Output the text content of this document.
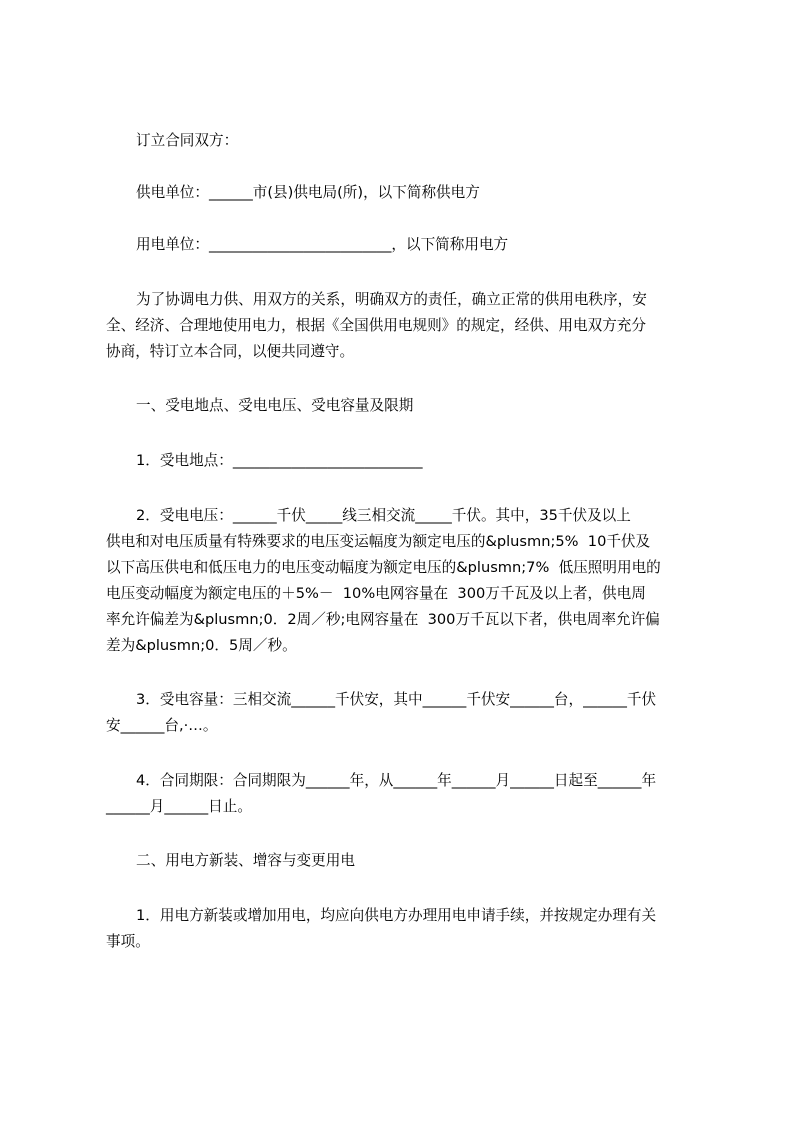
订立合同双方：

供电单位：______市(县)供电局(所)，以下简称供电方

用电单位：_________________________，以下简称用电方

为了协调电力供、用双方的关系，明确双方的责任，确立正常的供用电秩序，安
全、经济、合理地使用电力，根据《全国供用电规则》的规定，经供、用电双方充分
协商，特订立本合同，以便共同遵守。

一、受电地点、受电电压、受电容量及限期

1．受电地点：__________________________

2．受电电压：______千伏_____线三相交流_____千伏。其中，35千伏及以上
供电和对电压质量有特殊要求的电压变运幅度为额定电压的&plusmn;5%  10千伏及
以下高压供电和低压电力的电压变动幅度为额定电压的&plusmn;7%  低压照明用电的
电压变动幅度为额定电压的＋5%－  10%电网容量在  300万千瓦及以上者，供电周
率允许偏差为&plusmn;0．2周／秒;电网容量在  300万千瓦以下者，供电周率允许偏
差为&plusmn;0．5周／秒。
3．受电容量：三相交流______千伏安，其中______千伏安______台，______千伏
安______台,·…。
4．合同期限：合同期限为______年，从______年______月______日起至______年
______月______日止。

二、用电方新装、增容与变更用电

1．用电方新装或增加用电，均应向供电方办理用电申请手续，并按规定办理有关
事项。
